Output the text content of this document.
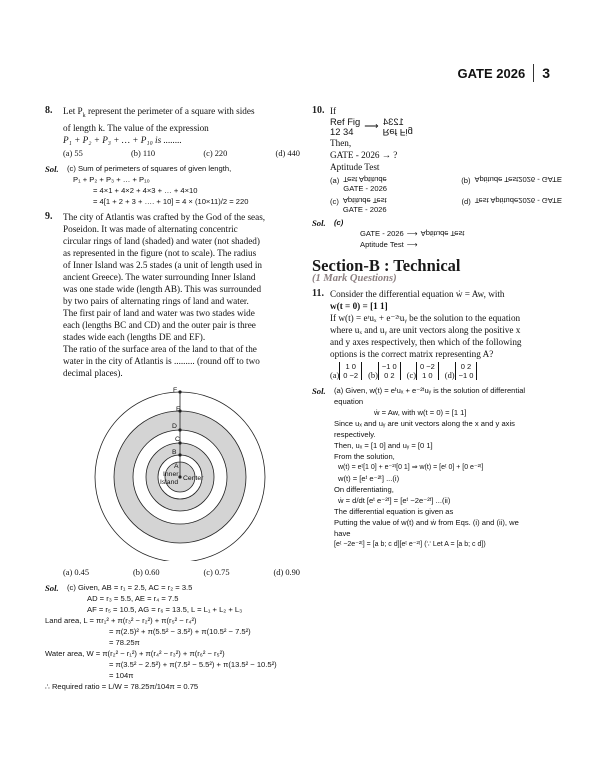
GATE 2026 3
8.	Let $P_k$ represent the perimeter of a square with sides
of length k. The value of the expression
P₁ + P₂ + P₃ + … + P₁₀ is ........
(a) 55	(b) 110	(c) 220	(d) 440
Sol.	(c) Sum of perimeters of squares of given length,
P₁ + P₂ + P₃ + … + P₁₀
= 4×1 + 4×2 + 4×3 + … + 4×10
= 4[1 + 2 + 3 + …. + 10] = 4 × (10×11)/2 = 220
9.	The city of Atlantis was crafted by the God of the seas,
Poseidon. It was made of alternating concentric
circular rings of land (shaded) and water (not shaded)
as represented in the figure (not to scale). The radius
of Inner Island was 2.5 stades (a unit of length used in
ancient Greece). The water surrounding Inner Island
was one stade wide (length AB). This was surrounded
by two pairs of alternating rings of land and water.
The first pair of land and water was two stades wide
each (lengths BC and CD) and the outer pair is three
stades wide each (lengths DE and EF).
The ratio of the surface area of the land to that of the
water in the city of Atlantis is ......... (round off to two
decimal places).
F
E
D
C
B
A
Inner
Island
Center
(a) 0.45	(b) 0.60	(c) 0.75	(d) 0.90
Sol.	(c) Given, AB = r₁ = 2.5, AC = r₂ = 3.5
AD = r₃ = 5.5, AE = r₄ = 7.5
AF = r₅ = 10.5, AG = r₆ = 13.5, L = L₁ + L₂ + L₃
Land area, L = πr₁² + π(r₃² − r₂²) + π(r₅² − r₄²)
= π(2.5)² + π(5.5² − 3.5²) + π(10.5² − 7.5²)
= 78.25π
Water area, W = π(r₂² − r₁²) + π(r₄² − r₃²) + π(r₆² − r₅²)
= π(3.5² − 2.5²) + π(7.5² − 5.5²) + π(13.5² − 10.5²)
= 104π
∴ Required ratio = L/W = 78.25π/104π = 0.75
10. If
Ref Fig
12 34	⟶ 1234
Ref Fig
Then,
GATE - 2026 → ?
Aptitude Test
(a) Test Aptitude
GATE - 2026
(b) Aptitude Test2026 - GATE
(c) Aptitude Test
GATE - 2026
(d) Test Aptitude2026 - GATE
Sol.	(c)
GATE - 2026 ⟶ Aptitude Test
Aptitude Test ⟶
Section-B : Technical
(1 Mark Questions)
11. Consider the differential equation ẇ = Aw, with
w(t = 0) = [1 1]
If w(t) = eᵗuₓ + e⁻²ᵗuᵧ be the solution to the equation
where uₓ and uᵧ are unit vectors along the positive x
and y axes respectively, then which of the following
options is the correct matrix representing A?
(a)
1 0
0 −2 (b)
−1 0
0 2 (c)
0 −2
1 0 (d)
0 2
−1 0
Sol.	(a) Given, w(t) = eᵗuₓ + e⁻²ᵗuᵧ is the solution of differential
equation
ẇ = Aw, with w(t = 0) = [1 1]
Since uₓ and uᵧ are unit vectors along the x and y axis
respectively.
Then, uₓ = [1 0] and uᵧ = [0 1]
From the solution,
w(t) = eᵗ[1 0] + e⁻²ᵗ[0 1] ⇒ w(t) = [eᵗ 0] + [0 e⁻²ᵗ]
w(t) = [eᵗ e⁻²ᵗ] ...(i)
On differentiating,
ẇ = d/dt [eᵗ e⁻²ᵗ] = [eᵗ −2e⁻²ᵗ] ...(ii)
The differential equation is given as
Putting the value of w(t) and ẇ from Eqs. (i) and (ii), we
have
[eᵗ −2e⁻²ᵗ] = [a b; c d][eᵗ e⁻²ᵗ] (∵ Let A = [a b; c d])
